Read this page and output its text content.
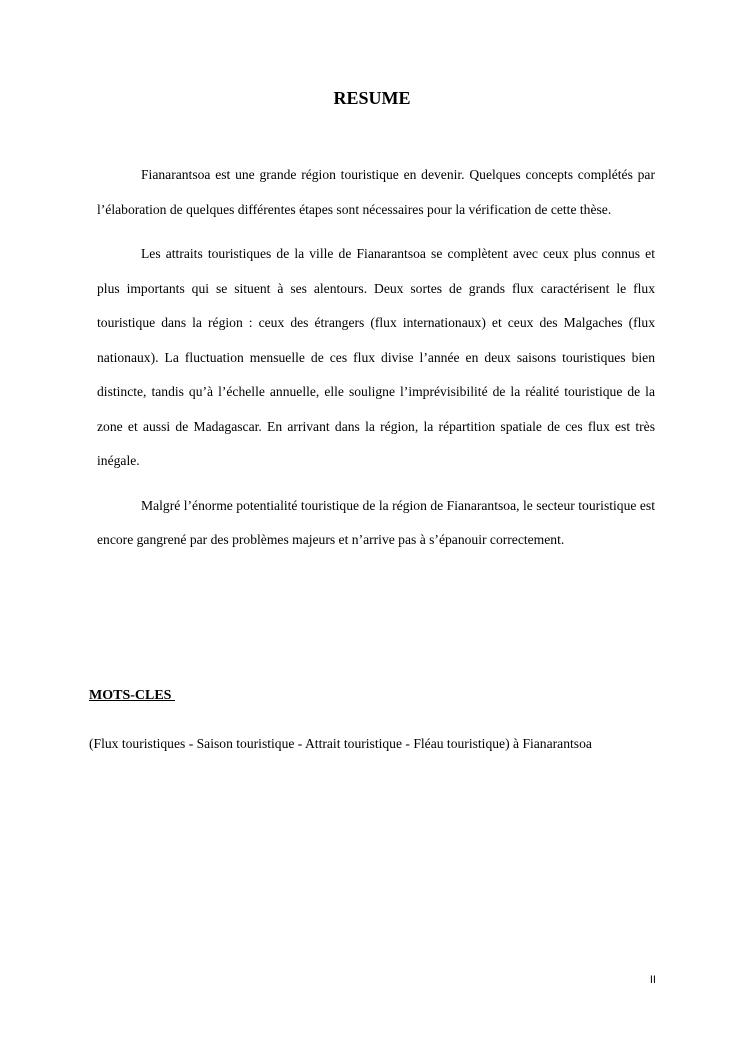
RESUME

Fianarantsoa est une grande région touristique en devenir. Quelques concepts complétés par l’élaboration de quelques différentes étapes sont nécessaires pour la vérification de cette thèse.

Les attraits touristiques de la ville de Fianarantsoa se complètent avec ceux plus connus et plus importants qui se situent à ses alentours. Deux sortes de grands flux caractérisent le flux touristique dans la région : ceux des étrangers (flux internationaux) et ceux des Malgaches (flux nationaux). La fluctuation mensuelle de ces flux divise l’année en deux saisons touristiques bien distincte, tandis qu’à l’échelle annuelle, elle souligne l’imprévisibilité de la réalité touristique de la zone et aussi de Madagascar. En arrivant dans la région, la répartition spatiale de ces flux est très inégale.

Malgré l’énorme potentialité touristique de la région de Fianarantsoa, le secteur touristique est encore gangrené par des problèmes majeurs et n’arrive pas à s’épanouir correctement.

MOTS-CLES

(Flux touristiques - Saison touristique - Attrait touristique - Fléau touristique) à Fianarantsoa

II
